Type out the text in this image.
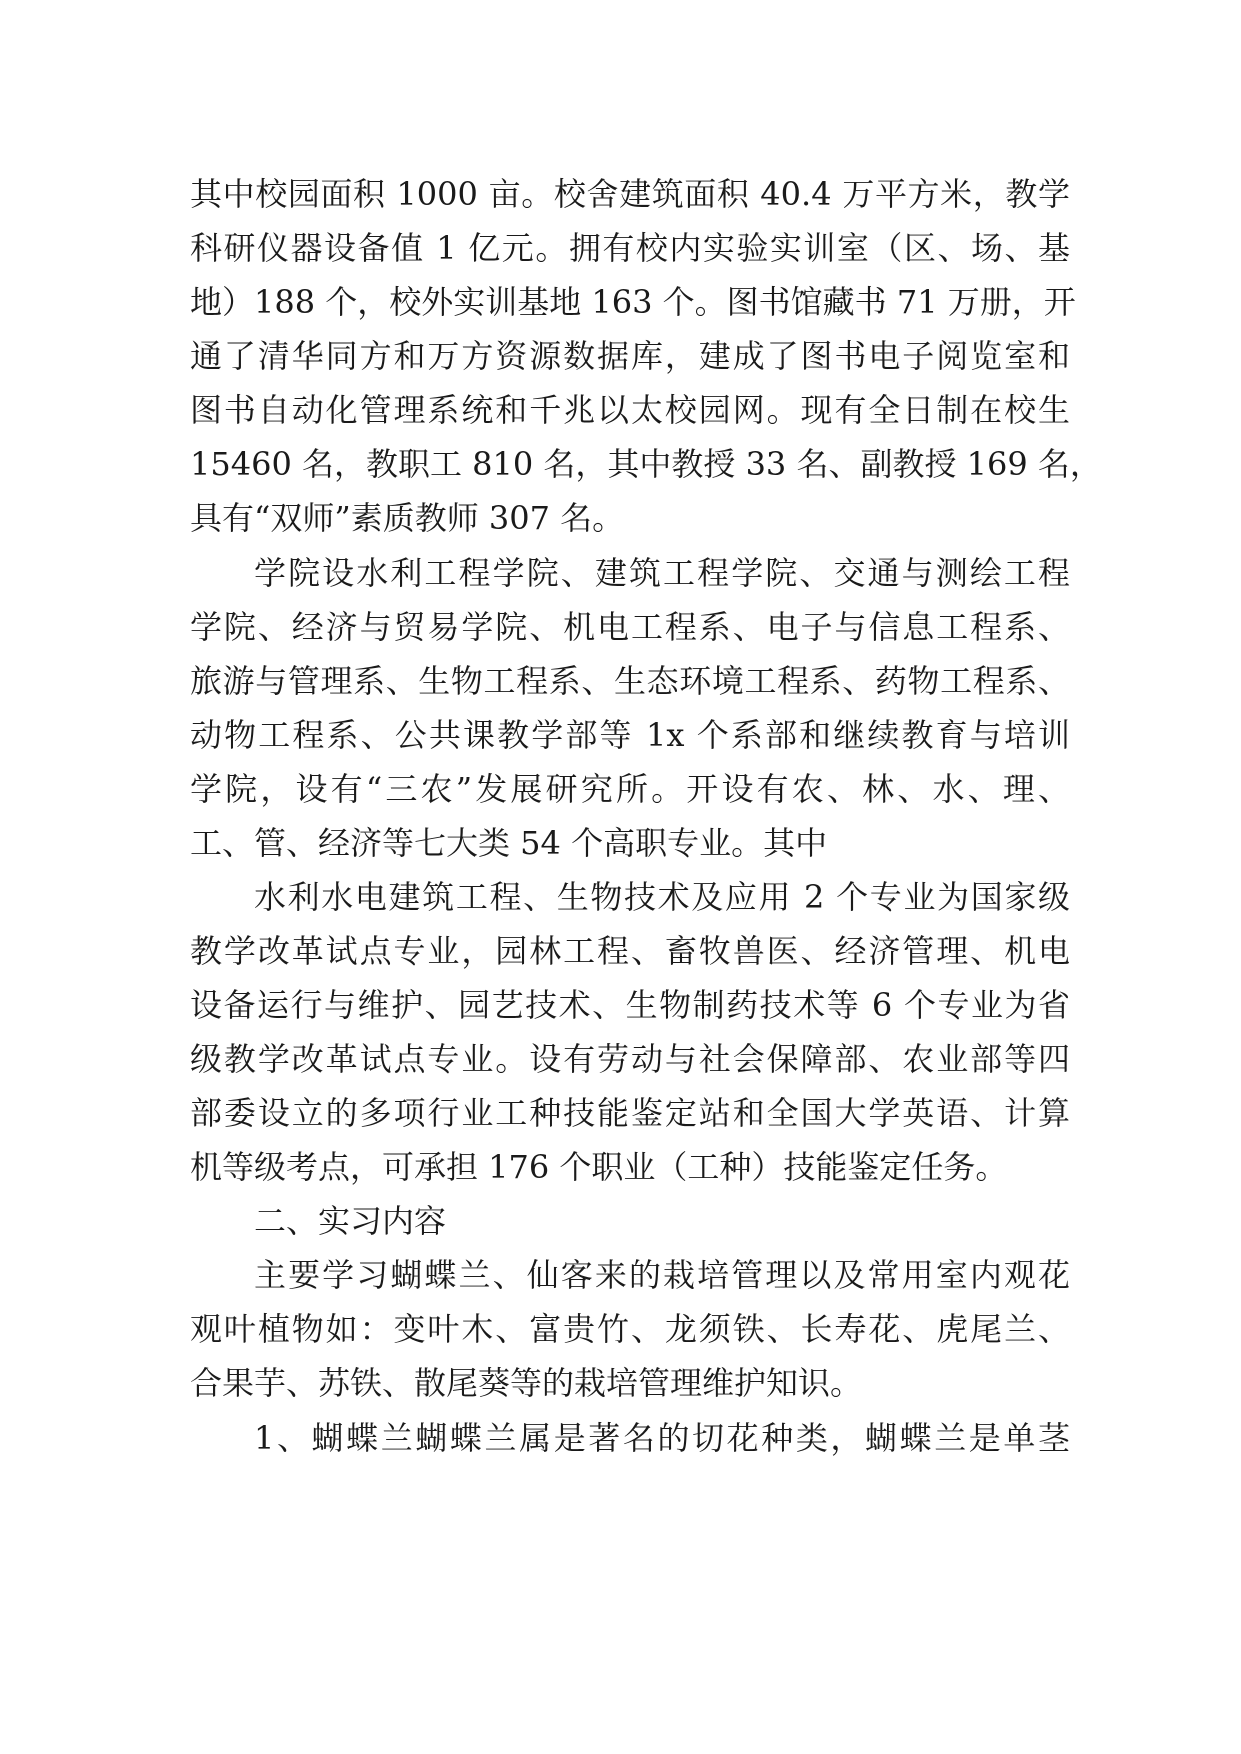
其中校园面积 1000 亩。校舍建筑面积 40.4 万平方米，教学
科研仪器设备值 1 亿元。拥有校内实验实训室（区、场、基
地）188 个，校外实训基地 163 个。图书馆藏书 71 万册，开
通了清华同方和万方资源数据库，建成了图书电子阅览室和
图书自动化管理系统和千兆以太校园网。现有全日制在校生
15460 名，教职工 810 名，其中教授 33 名、副教授 169 名，
具有“双师”素质教师 307 名。
学院设水利工程学院、建筑工程学院、交通与测绘工程
学院、经济与贸易学院、机电工程系、电子与信息工程系、
旅游与管理系、生物工程系、生态环境工程系、药物工程系、
动物工程系、公共课教学部等 1x 个系部和继续教育与培训
学院，设有“三农”发展研究所。开设有农、林、水、理、
工、管、经济等七大类 54 个高职专业。其中
水利水电建筑工程、生物技术及应用 2 个专业为国家级
教学改革试点专业，园林工程、畜牧兽医、经济管理、机电
设备运行与维护、园艺技术、生物制药技术等 6 个专业为省
级教学改革试点专业。设有劳动与社会保障部、农业部等四
部委设立的多项行业工种技能鉴定站和全国大学英语、计算
机等级考点，可承担 176 个职业（工种）技能鉴定任务。
二、实习内容
主要学习蝴蝶兰、仙客来的栽培管理以及常用室内观花
观叶植物如：变叶木、富贵竹、龙须铁、长寿花、虎尾兰、
合果芋、苏铁、散尾葵等的栽培管理维护知识。
1、蝴蝶兰蝴蝶兰属是著名的切花种类，蝴蝶兰是单茎
